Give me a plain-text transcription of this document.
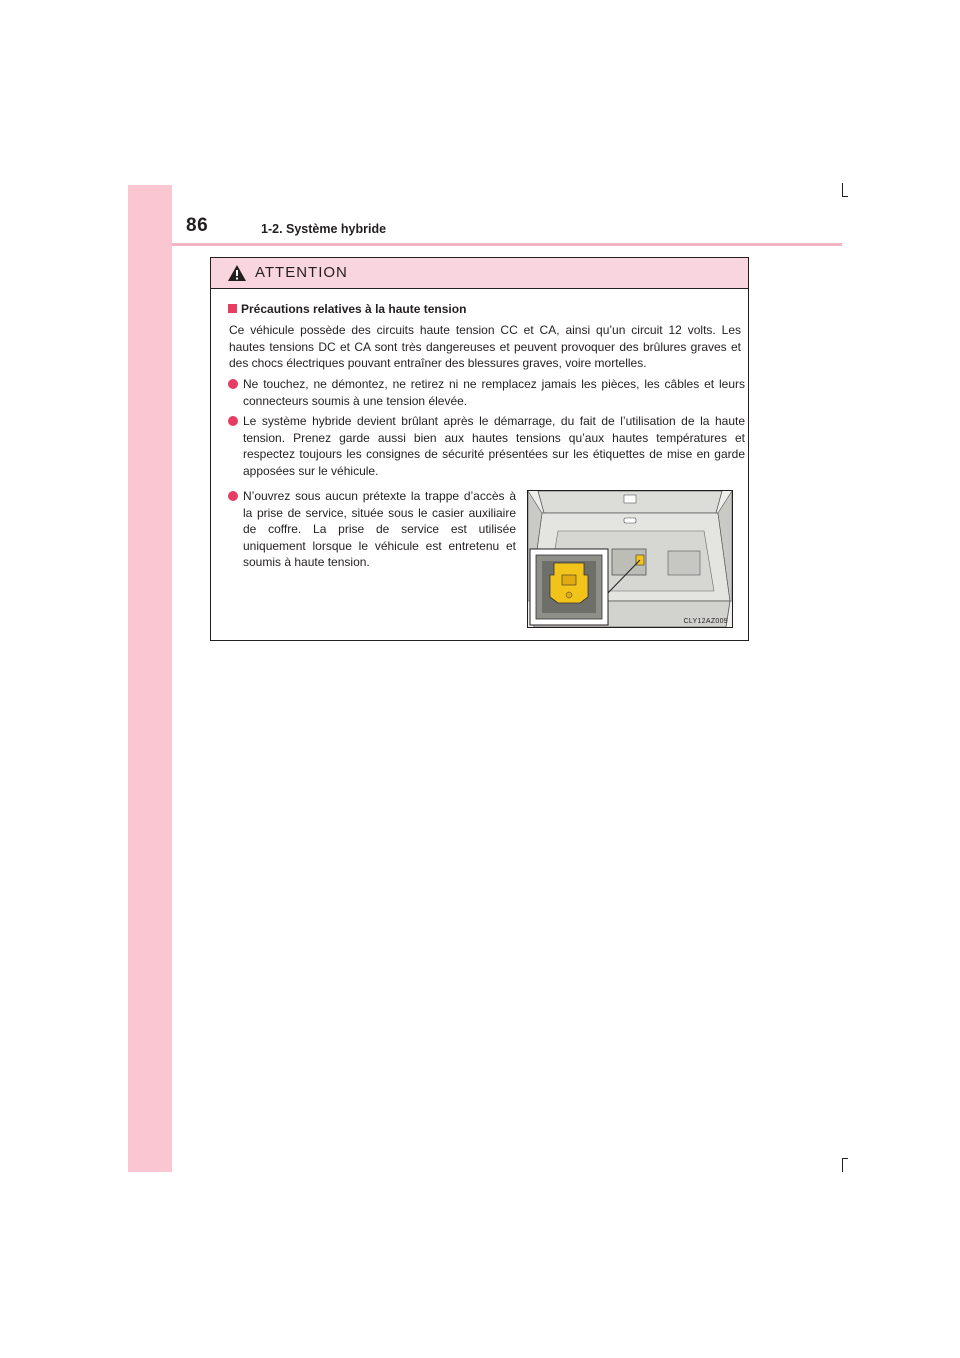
86	1-2. Système hybride
ATTENTION
Précautions relatives à la haute tension
Ce véhicule possède des circuits haute tension CC et CA, ainsi qu’un circuit 12 volts. Les hautes tensions DC et CA sont très dangereuses et peuvent provoquer des brûlures graves et des chocs électriques pouvant entraîner des blessures graves, voire mortelles.
Ne touchez, ne démontez, ne retirez ni ne remplacez jamais les pièces, les câbles et leurs connecteurs soumis à une tension élevée.
Le système hybride devient brûlant après le démarrage, du fait de l’utilisation de la haute tension. Prenez garde aussi bien aux hautes tensions qu’aux hautes températures et respectez toujours les consignes de sécurité présentées sur les étiquettes de mise en garde apposées sur le véhicule.
N’ouvrez sous aucun prétexte la trappe d’accès à la prise de service, située sous le casier auxiliaire de coffre. La prise de service est utilisée uniquement lorsque le véhicule est entretenu et soumis à haute tension.
CLY12AZ009
